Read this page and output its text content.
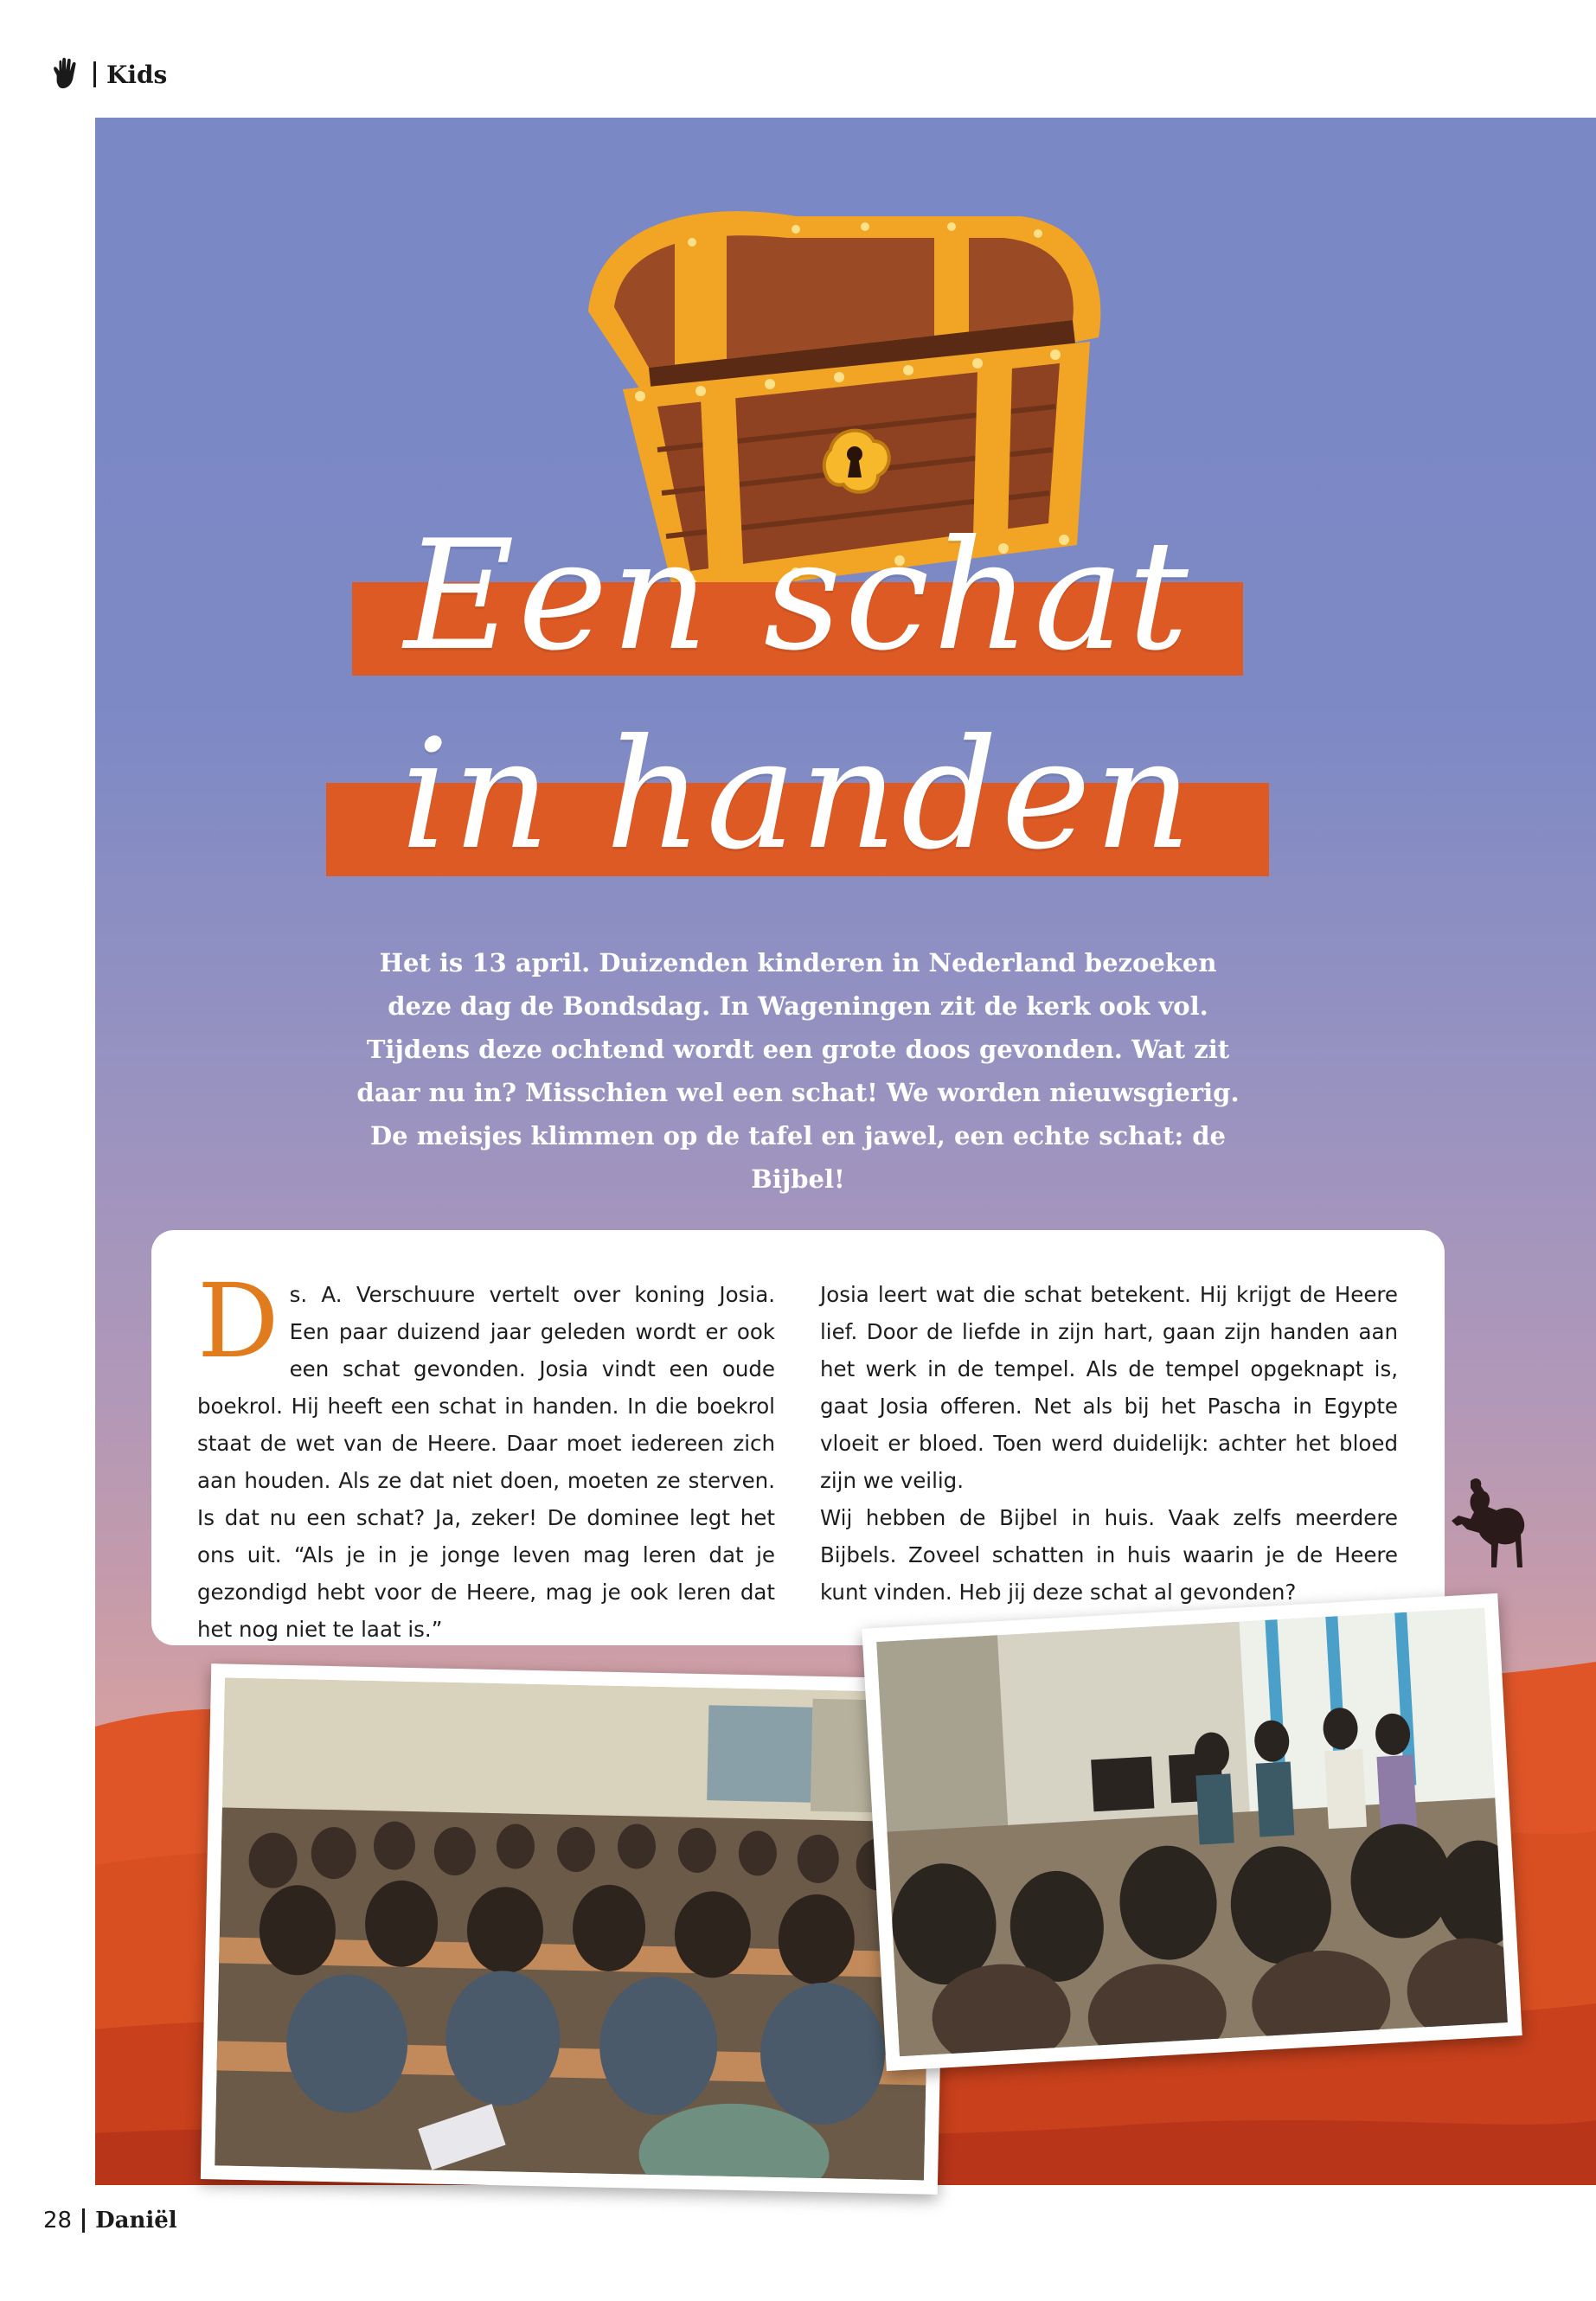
Kids
Een schat
in handen
Het is 13 april. Duizenden kinderen in Nederland bezoeken deze dag de Bondsdag. In Wageningen zit de kerk ook vol. Tijdens deze ochtend wordt een grote doos gevonden. Wat zit daar nu in? Misschien wel een schat! We worden nieuwsgierig. De meisjes klimmen op de tafel en jawel, een echte schat: de Bijbel!
D s. A. Verschuure vertelt over koning Josia. Een paar duizend jaar geleden wordt er ook een schat gevonden. Josia vindt een oude boekrol. Hij heeft een schat in handen. In die boekrol staat de wet van de Heere. Daar moet iedereen zich aan houden. Als ze dat niet doen, moeten ze sterven. Is dat nu een schat? Ja, zeker! De dominee legt het ons uit. “Als je in je jonge leven mag leren dat je gezondigd hebt voor de Heere, mag je ook leren dat het nog niet te laat is.”

Josia leert wat die schat betekent. Hij krijgt de Heere lief. Door de liefde in zijn hart, gaan zijn handen aan het werk in de tempel. Als de tempel opgeknapt is, gaat Josia offeren. Net als bij het Pascha in Egypte vloeit er bloed. Toen werd duidelijk: achter het bloed zijn we veilig.

Wij hebben de Bijbel in huis. Vaak zelfs meerdere Bijbels. Zoveel schatten in huis waarin je de Heere kunt vinden. Heb jij deze schat al gevonden?

28 Daniël
